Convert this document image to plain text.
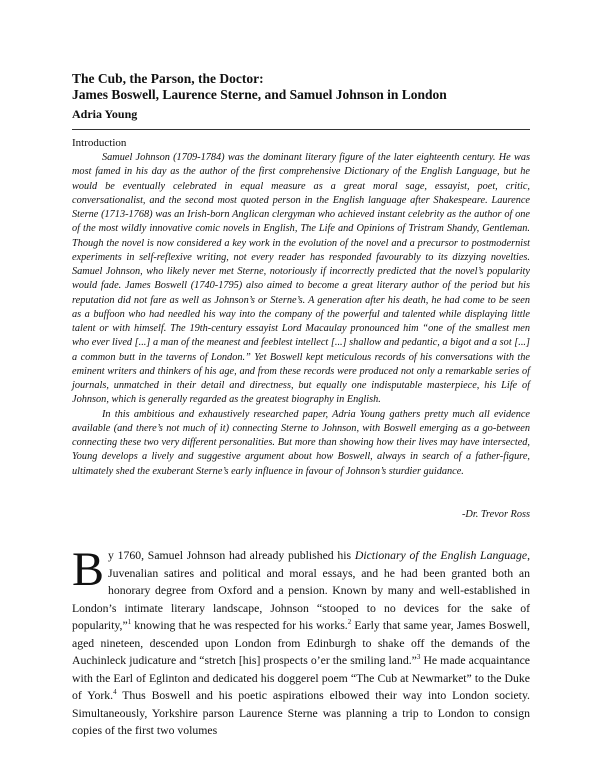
The Cub, the Parson, the Doctor:
James Boswell, Laurence Sterne, and Samuel Johnson in London
Adria Young
Introduction

Samuel Johnson (1709-1784) was the dominant literary figure of the later eighteenth century. He was most famed in his day as the author of the first comprehensive Dictionary of the English Language, but he would be eventually celebrated in equal measure as a great moral sage, essayist, poet, critic, conversationalist, and the second most quoted person in the English language after Shakespeare. Laurence Sterne (1713-1768) was an Irish-born Anglican clergyman who achieved instant celebrity as the author of one of the most wildly innovative comic novels in English, The Life and Opinions of Tristram Shandy, Gentleman. Though the novel is now considered a key work in the evolution of the novel and a precursor to postmodernist experiments in self-reflexive writing, not every reader has responded favourably to its dizzying novelties. Samuel Johnson, who likely never met Sterne, notoriously if incorrectly predicted that the novel’s popularity would fade. James Boswell (1740-1795) also aimed to become a great literary author of the period but his reputation did not fare as well as Johnson’s or Sterne’s. A generation after his death, he had come to be seen as a buffoon who had needled his way into the company of the powerful and talented while displaying little talent or with himself. The 19th-century essayist Lord Macaulay pronounced him “one of the smallest men who ever lived [...] a man of the meanest and feeblest intellect [...] shallow and pedantic, a bigot and a sot [...] a common butt in the taverns of London.” Yet Boswell kept meticulous records of his conversations with the eminent writers and thinkers of his age, and from these records were produced not only a remarkable series of journals, unmatched in their detail and directness, but equally one indisputable masterpiece, his Life of Johnson, which is generally regarded as the greatest biography in English.

In this ambitious and exhaustively researched paper, Adria Young gathers pretty much all evidence available (and there’s not much of it) connecting Sterne to Johnson, with Boswell emerging as a go-between connecting these two very different personalities. But more than showing how their lives may have intersected, Young develops a lively and suggestive argument about how Boswell, always in search of a father-figure, ultimately shed the exuberant Sterne’s early influence in favour of Johnson’s sturdier guidance.

-Dr. Trevor Ross

By 1760, Samuel Johnson had already published his Dictionary of the English Language, Juvenalian satires and political and moral essays, and he had been granted both an honorary degree from Oxford and a pension. Known by many and well-established in London’s intimate literary landscape, Johnson “stooped to no devices for the sake of popularity,”$^1$ knowing that he was respected for his works.$^2$ Early that same year, James Boswell, aged nineteen, descended upon London from Edinburgh to shake off the demands of the Auchinleck judicature and “stretch [his] prospects o’er the smiling land.”$^3$ He made acquaintance with the Earl of Eglinton and dedicated his doggerel poem “The Cub at Newmarket” to the Duke of York.$^4$ Thus Boswell and his poetic aspirations elbowed their way into London society. Simultaneously, Yorkshire parson Laurence Sterne was planning a trip to London to consign copies of the first two volumes
